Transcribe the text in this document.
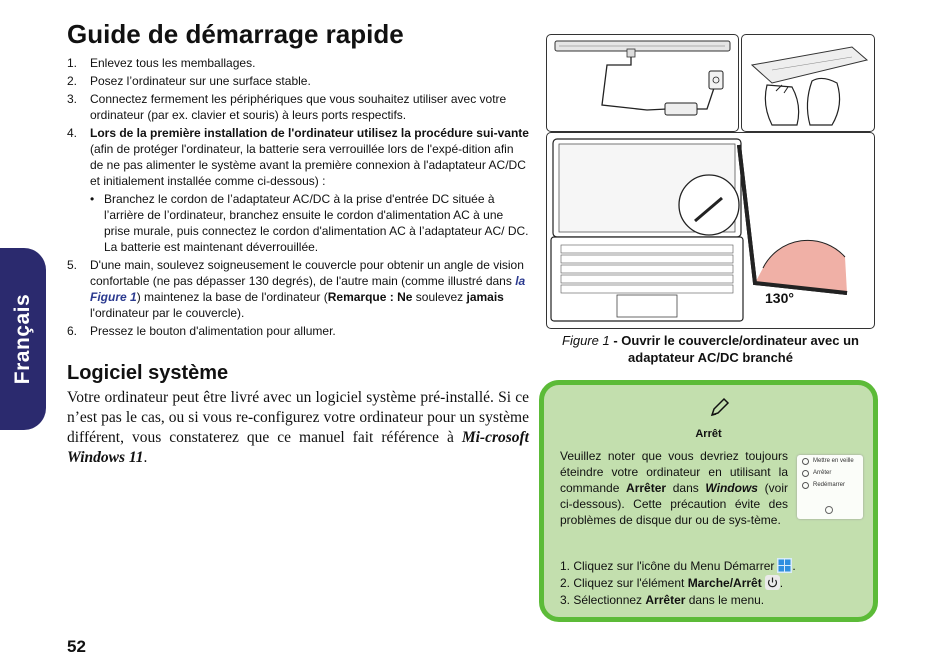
Français
Guide de démarrage rapide
1. Enlevez tous les memballages.
2. Posez l’ordinateur sur une surface stable.
3. Connectez fermement les périphériques que vous souhaitez utiliser avec votre ordinateur (par ex. clavier et souris) à leurs ports respectifs.
4. Lors de la première installation de l'ordinateur utilisez la procédure sui-vante (afin de protéger l'ordinateur, la batterie sera verrouillée lors de l'expé-dition afin de ne pas alimenter le système avant la première connexion à l'adaptateur AC/DC et initialement installée comme ci-dessous) :
• Branchez le cordon de l’adaptateur AC/DC à la prise d'entrée DC située à l’arrière de l’ordinateur, branchez ensuite le cordon d'alimentation AC à une prise murale, puis connectez le cordon d'alimentation AC à l’adaptateur AC/ DC. La batterie est maintenant déverrouillée.
5. D'une main, soulevez soigneusement le couvercle pour obtenir un angle de vision confortable (ne pas dépasser 130 degrés), de l'autre main (comme illustré dans la Figure 1) maintenez la base de l'ordinateur (Remarque : Ne soulevez jamais l'ordinateur par le couvercle).
6. Pressez le bouton d'alimentation pour allumer.
Logiciel système

Votre ordinateur peut être livré avec un logiciel système pré-installé. Si ce n’est pas le cas, ou si vous re-configurez votre ordinateur pour un système différent, vous constaterez que ce manuel fait référence à Mi-crosoft Windows 11.

130°
Figure 1 - Ouvrir le couvercle/ordinateur avec un adaptateur AC/DC branché
Arrêt

Veuillez noter que vous devriez toujours éteindre votre ordinateur en utilisant la commande Arrêter dans Windows (voir ci-dessous). Cette précaution évite des problèmes de disque dur ou de sys-tème.

Mettre en veille
Arrêter
Redémarrer
1. Cliquez sur l'icône du Menu Démarrer .
2. Cliquez sur l'élément Marche/Arrêt .
3. Sélectionnez Arrêter dans le menu.
52
